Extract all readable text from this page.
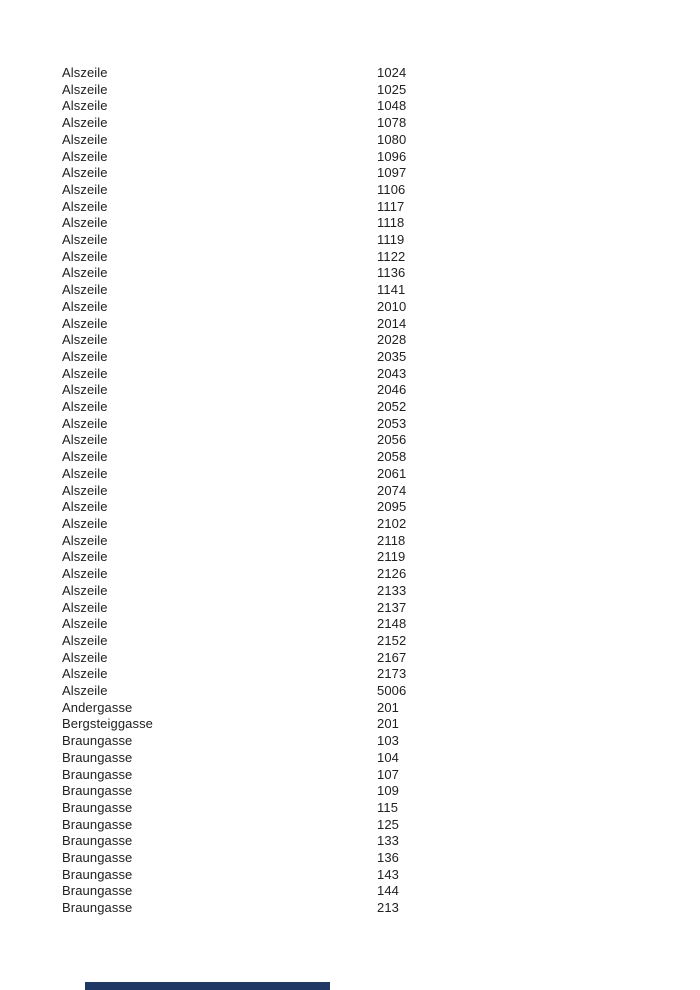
Alszeile	1024
Alszeile	1025
Alszeile	1048
Alszeile	1078
Alszeile	1080
Alszeile	1096
Alszeile	1097
Alszeile	1106
Alszeile	1117
Alszeile	1118
Alszeile	1119
Alszeile	1122
Alszeile	1136
Alszeile	1141
Alszeile	2010
Alszeile	2014
Alszeile	2028
Alszeile	2035
Alszeile	2043
Alszeile	2046
Alszeile	2052
Alszeile	2053
Alszeile	2056
Alszeile	2058
Alszeile	2061
Alszeile	2074
Alszeile	2095
Alszeile	2102
Alszeile	2118
Alszeile	2119
Alszeile	2126
Alszeile	2133
Alszeile	2137
Alszeile	2148
Alszeile	2152
Alszeile	2167
Alszeile	2173
Alszeile	5006
Andergasse	201
Bergsteiggasse	201
Braungasse	103
Braungasse	104
Braungasse	107
Braungasse	109
Braungasse	115
Braungasse	125
Braungasse	133
Braungasse	136
Braungasse	143
Braungasse	144
Braungasse	213
